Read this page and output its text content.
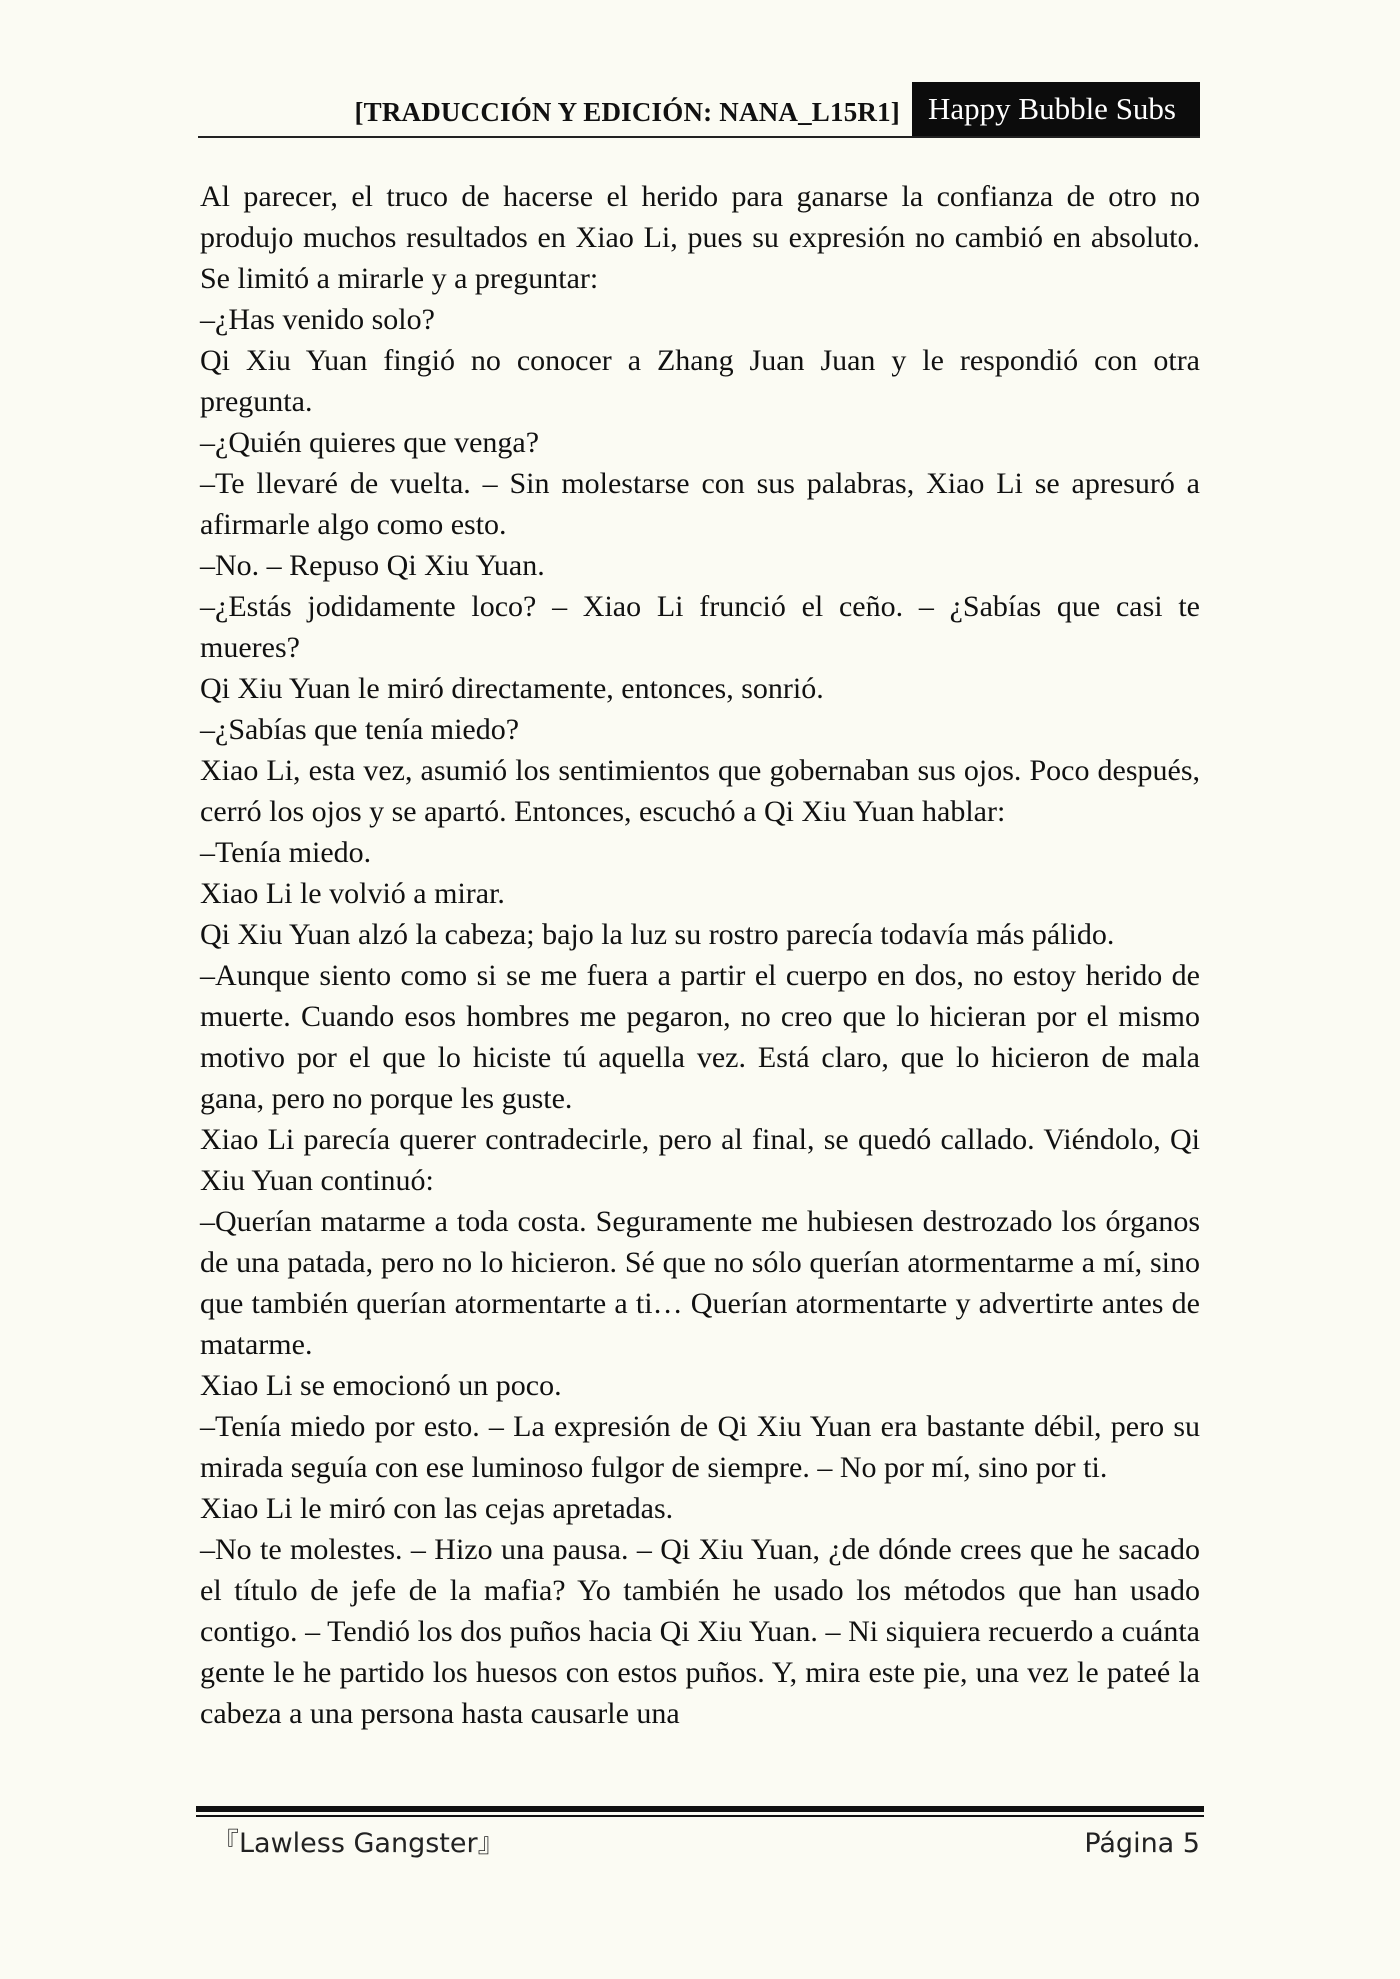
[TRADUCCIÓN Y EDICIÓN: NANA_L15R1] Happy Bubble Subs

Al parecer, el truco de hacerse el herido para ganarse la confianza de otro no produjo muchos resultados en Xiao Li, pues su expresión no cambió en absoluto. Se limitó a mirarle y a preguntar:

–¿Has venido solo?

Qi Xiu Yuan fingió no conocer a Zhang Juan Juan y le respondió con otra pregunta.

–¿Quién quieres que venga?

–Te llevaré de vuelta. – Sin molestarse con sus palabras, Xiao Li se apresuró a afirmarle algo como esto.

–No. – Repuso Qi Xiu Yuan.

–¿Estás jodidamente loco? – Xiao Li frunció el ceño. – ¿Sabías que casi te mueres?

Qi Xiu Yuan le miró directamente, entonces, sonrió.

–¿Sabías que tenía miedo?

Xiao Li, esta vez, asumió los sentimientos que gobernaban sus ojos. Poco después, cerró los ojos y se apartó. Entonces, escuchó a Qi Xiu Yuan hablar:

–Tenía miedo.

Xiao Li le volvió a mirar.

Qi Xiu Yuan alzó la cabeza; bajo la luz su rostro parecía todavía más pálido.

–Aunque siento como si se me fuera a partir el cuerpo en dos, no estoy herido de muerte. Cuando esos hombres me pegaron, no creo que lo hicieran por el mismo motivo por el que lo hiciste tú aquella vez. Está claro, que lo hicieron de mala gana, pero no porque les guste.

Xiao Li parecía querer contradecirle, pero al final, se quedó callado. Viéndolo, Qi Xiu Yuan continuó:

–Querían matarme a toda costa. Seguramente me hubiesen destrozado los órganos de una patada, pero no lo hicieron. Sé que no sólo querían atormentarme a mí, sino que también querían atormentarte a ti… Querían atormentarte y advertirte antes de matarme.

Xiao Li se emocionó un poco.

–Tenía miedo por esto. – La expresión de Qi Xiu Yuan era bastante débil, pero su mirada seguía con ese luminoso fulgor de siempre. – No por mí, sino por ti.

Xiao Li le miró con las cejas apretadas.

–No te molestes. – Hizo una pausa. – Qi Xiu Yuan, ¿de dónde crees que he sacado el título de jefe de la mafia? Yo también he usado los métodos que han usado contigo. – Tendió los dos puños hacia Qi Xiu Yuan. – Ni siquiera recuerdo a cuánta gente le he partido los huesos con estos puños. Y, mira este pie, una vez le pateé la cabeza a una persona hasta causarle una

『Lawless Gangster』	Página 5
